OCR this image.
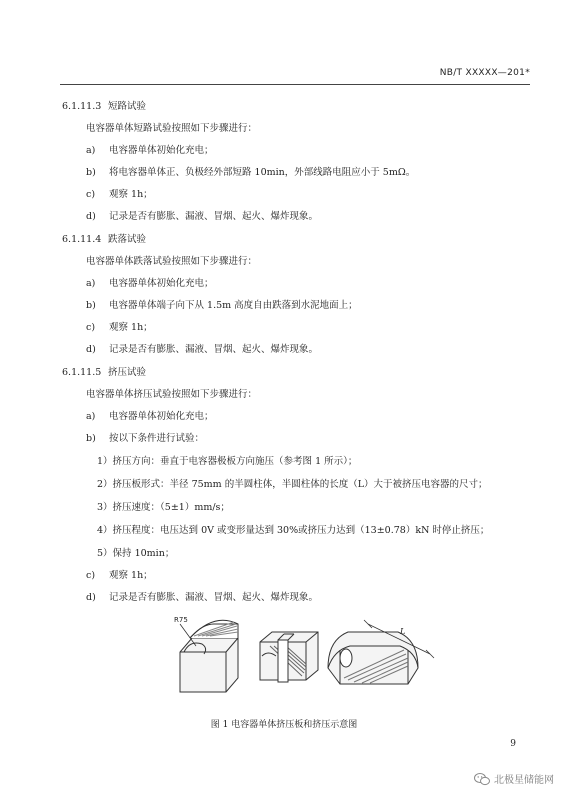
NB/T XXXXX—201*
6.1.11.3 短路试验
电容器单体短路试验按照如下步骤进行：
a) 电容器单体初始化充电；
b) 将电容器单体正、负极经外部短路 10min，外部线路电阻应小于 5mΩ。
c) 观察 1h；
d) 记录是否有膨胀、漏液、冒烟、起火、爆炸现象。
6.1.11.4 跌落试验
电容器单体跌落试验按照如下步骤进行：
a) 电容器单体初始化充电；
b) 电容器单体端子向下从 1.5m 高度自由跌落到水泥地面上；
c) 观察 1h；
d) 记录是否有膨胀、漏液、冒烟、起火、爆炸现象。
6.1.11.5 挤压试验
电容器单体挤压试验按照如下步骤进行：
a) 电容器单体初始化充电；
b) 按以下条件进行试验：
1）挤压方向：垂直于电容器极板方向施压（参考图 1 所示）；
2）挤压板形式：半径 75mm 的半圆柱体，半圆柱体的长度（L）大于被挤压电容器的尺寸；
3）挤压速度：（5±1）mm/s；
4）挤压程度：电压达到 0V 或变形量达到 30%或挤压力达到（13±0.78）kN 时停止挤压；
5）保持 10min；
c) 观察 1h；
d) 记录是否有膨胀、漏液、冒烟、起火、爆炸现象。
R75
L
图 1 电容器单体挤压板和挤压示意图
9
北极星储能网
